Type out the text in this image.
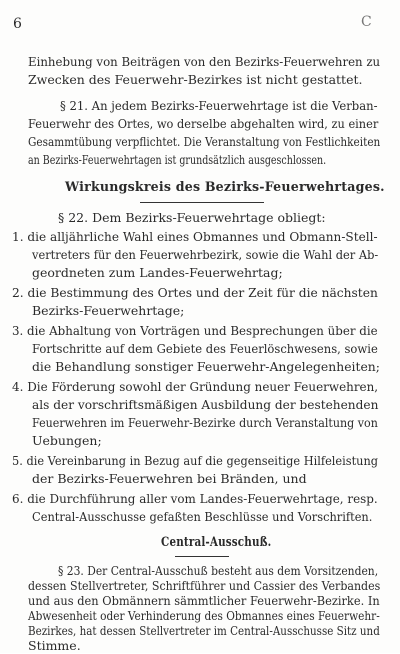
6	C
Einhebung von Beiträgen von den Bezirks-Feuerwehren zu
Zwecken des Feuerwehr-Bezirkes ist nicht gestattet.
§ 21. An jedem Bezirks-Feuerwehrtage ist die Verban-
Feuerwehr des Ortes, wo derselbe abgehalten wird, zu einer
Gesammtübung verpflichtet. Die Veranstaltung von Festlichkeiten
an Bezirks-Feuerwehrtagen ist grundsätzlich ausgeschlossen.
Wirkungskreis des Bezirks-Feuerwehrtages.
§ 22. Dem Bezirks-Feuerwehrtage obliegt:
1. die alljährliche Wahl eines Obmannes und Obmann-Stell-
vertreters für den Feuerwehrbezirk, sowie die Wahl der Ab-
geordneten zum Landes-Feuerwehrtag;
2. die Bestimmung des Ortes und der Zeit für die nächsten
Bezirks-Feuerwehrtage;
3. die Abhaltung von Vorträgen und Besprechungen über die
Fortschritte auf dem Gebiete des Feuerlöschwesens, sowie
die Behandlung sonstiger Feuerwehr-Angelegenheiten;
4. Die Förderung sowohl der Gründung neuer Feuerwehren,
als der vorschriftsmäßigen Ausbildung der bestehenden
Feuerwehren im Feuerwehr-Bezirke durch Veranstaltung von
Uebungen;
5. die Vereinbarung in Bezug auf die gegenseitige Hilfeleistung
der Bezirks-Feuerwehren bei Bränden, und
6. die Durchführung aller vom Landes-Feuerwehrtage, resp.
Central-Ausschusse gefaßten Beschlüsse und Vorschriften.
Central-Ausschuß.
§ 23. Der Central-Ausschuß besteht aus dem Vorsitzenden,
dessen Stellvertreter, Schriftführer und Cassier des Verbandes
und aus den Obmännern sämmtlicher Feuerwehr-Bezirke. In
Abwesenheit oder Verhinderung des Obmannes eines Feuerwehr-
Bezirkes, hat dessen Stellvertreter im Central-Ausschusse Sitz und
Stimme.
